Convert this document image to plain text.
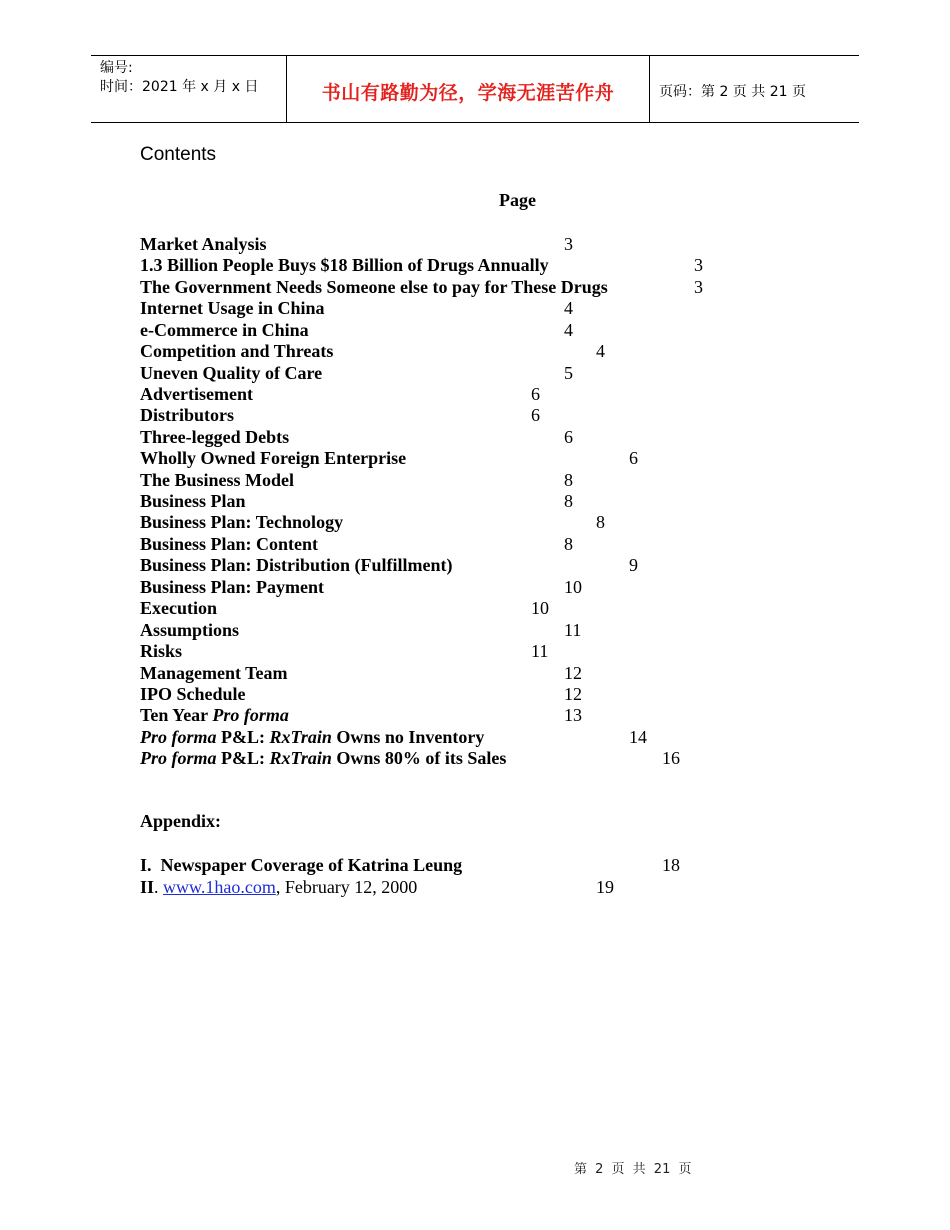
编号:
时间：2021 年 x 月 x 日	书山有路勤为径，学海无涯苦作舟	页码：第 2 页 共 21 页
Contents
Page
Market Analysis	3
1.3 Billion People Buys $18 Billion of Drugs Annually	3
The Government Needs Someone else to pay for These Drugs	3
Internet Usage in China	4
e-Commerce in China	4
Competition and Threats	4
Uneven Quality of Care	5
Advertisement	6
Distributors	6
Three-legged Debts	6
Wholly Owned Foreign Enterprise	6
The Business Model	8
Business Plan	8
Business Plan: Technology	8
Business Plan: Content	8
Business Plan: Distribution (Fulfillment)	9
Business Plan: Payment	10
Execution	10
Assumptions	11
Risks	11
Management Team	12
IPO Schedule	12
Ten Year Pro forma	13
Pro forma P&L: RxTrain Owns no Inventory	14
Pro forma P&L: RxTrain Owns 80% of its Sales	16
Appendix:
I. Newspaper Coverage of Katrina Leung	18
II. www.1hao.com, February 12, 2000	19
第 2 页 共 21 页
